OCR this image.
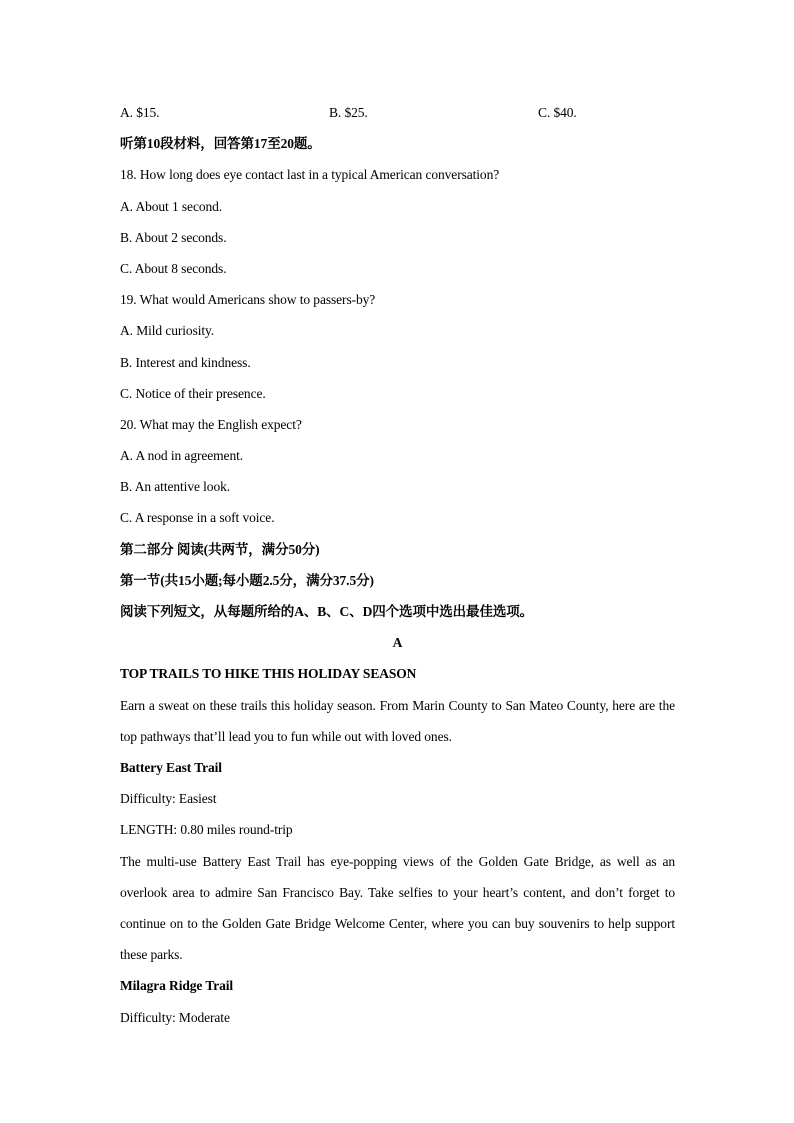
A. $15.	B. $25.	C. $40.
听第10段材料，回答第17至20题。
18. How long does eye contact last in a typical American conversation?
A. About 1 second.
B. About 2 seconds.
C. About 8 seconds.
19. What would Americans show to passers-by?
A. Mild curiosity.
B. Interest and kindness.
C. Notice of their presence.
20. What may the English expect?
A. A nod in agreement.
B. An attentive look.
C. A response in a soft voice.
第二部分 阅读(共两节，满分50分)
第一节(共15小题;每小题2.5分，满分37.5分)
阅读下列短文，从每题所给的A、B、C、D四个选项中选出最佳选项。
A
TOP TRAILS TO HIKE THIS HOLIDAY SEASON
Earn a sweat on these trails this holiday season. From Marin County to San Mateo County, here are the top pathways that’ll lead you to fun while out with loved ones.
Battery East Trail
Difficulty: Easiest
LENGTH: 0.80 miles round-trip
The multi-use Battery East Trail has eye-popping views of the Golden Gate Bridge, as well as an overlook area to admire San Francisco Bay. Take selfies to your heart’s content, and don’t forget to continue on to the Golden Gate Bridge Welcome Center, where you can buy souvenirs to help support these parks.
Milagra Ridge Trail
Difficulty: Moderate
